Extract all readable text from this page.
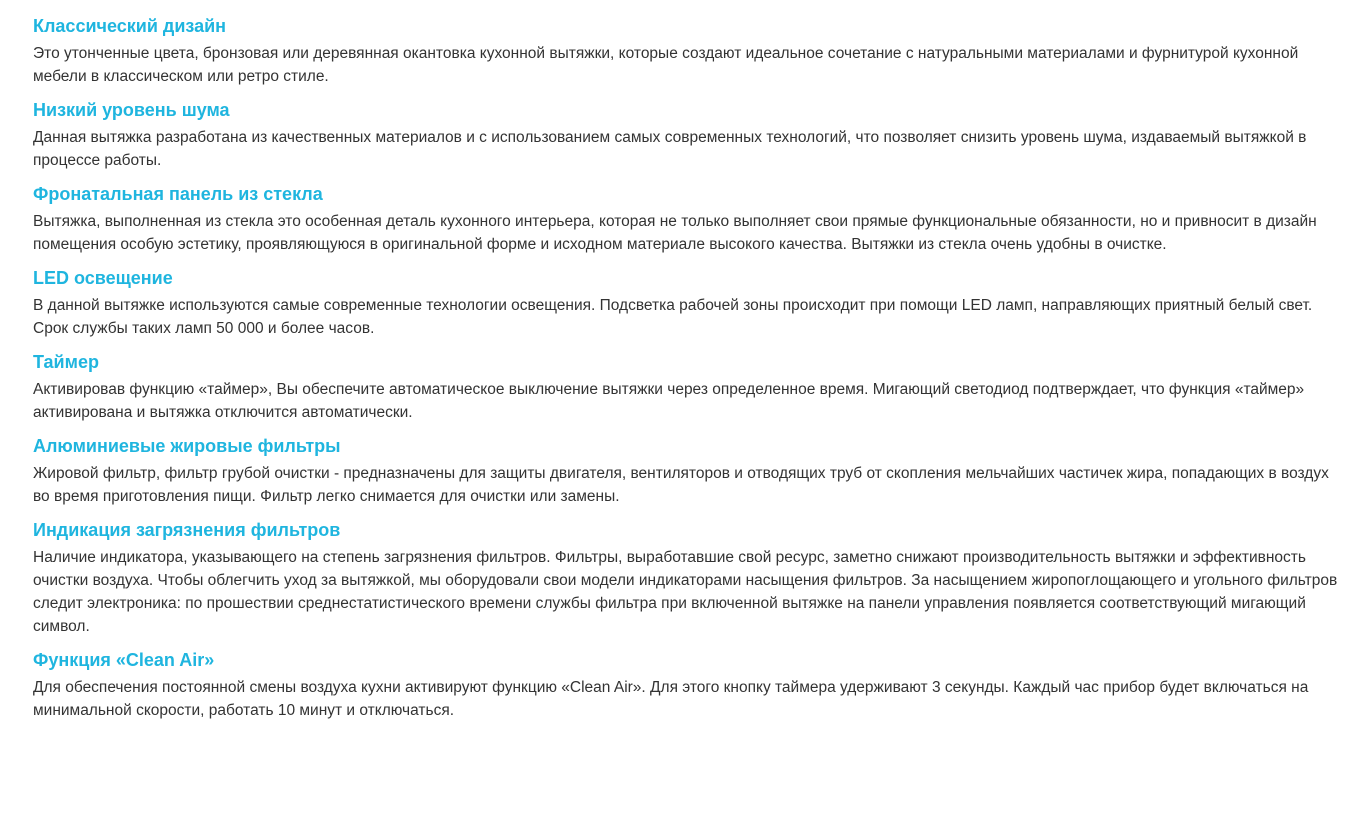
Классический дизайн

Это утонченные цвета, бронзовая или деревянная окантовка кухонной вытяжки, которые создают идеальное сочетание с натуральными материалами и фурнитурой кухонной мебели в классическом или ретро стиле.

Низкий уровень шума

Данная вытяжка разработана из качественных материалов и с использованием самых современных технологий, что позволяет снизить уровень шума, издаваемый вытяжкой в процессе работы.

Фронатальная панель из стекла

Вытяжка, выполненная из стекла это особенная деталь кухонного интерьера, которая не только выполняет свои прямые функциональные обязанности, но и привносит в дизайн помещения особую эстетику, проявляющуюся в оригинальной форме и исходном материале высокого качества. Вытяжки из стекла очень удобны в очистке.

LED освещение

В данной вытяжке используются самые современные технологии освещения. Подсветка рабочей зоны происходит при помощи LED ламп, направляющих приятный белый свет. Срок службы таких ламп 50 000 и более часов.

Таймер

Активировав функцию «таймер», Вы обеспечите автоматическое выключение вытяжки через определенное время. Мигающий светодиод подтверждает, что функция «таймер» активирована и вытяжка отключится автоматически.

Алюминиевые жировые фильтры

Жировой фильтр, фильтр грубой очистки - предназначены для защиты двигателя, вентиляторов и отводящих труб от скопления мельчайших частичек жира, попадающих в воздух во время приготовления пищи. Фильтр легко снимается для очистки или замены.

Индикация загрязнения фильтров

Наличие индикатора, указывающего на степень загрязнения фильтров. Фильтры, выработавшие свой ресурс, заметно снижают производительность вытяжки и эффективность очистки воздуха. Чтобы облегчить уход за вытяжкой, мы оборудовали свои модели индикаторами насыщения фильтров. За насыщением жиропоглощающего и угольного фильтров следит электроника: по прошествии среднестатистического времени службы фильтра при включенной вытяжке на панели управления появляется соответствующий мигающий символ.

Функция «Clean Air»

Для обеспечения постоянной смены воздуха кухни активируют функцию «Clean Air». Для этого кнопку таймера удерживают 3 секунды. Каждый час прибор будет включаться на минимальной скорости, работать 10 минут и отключаться.
